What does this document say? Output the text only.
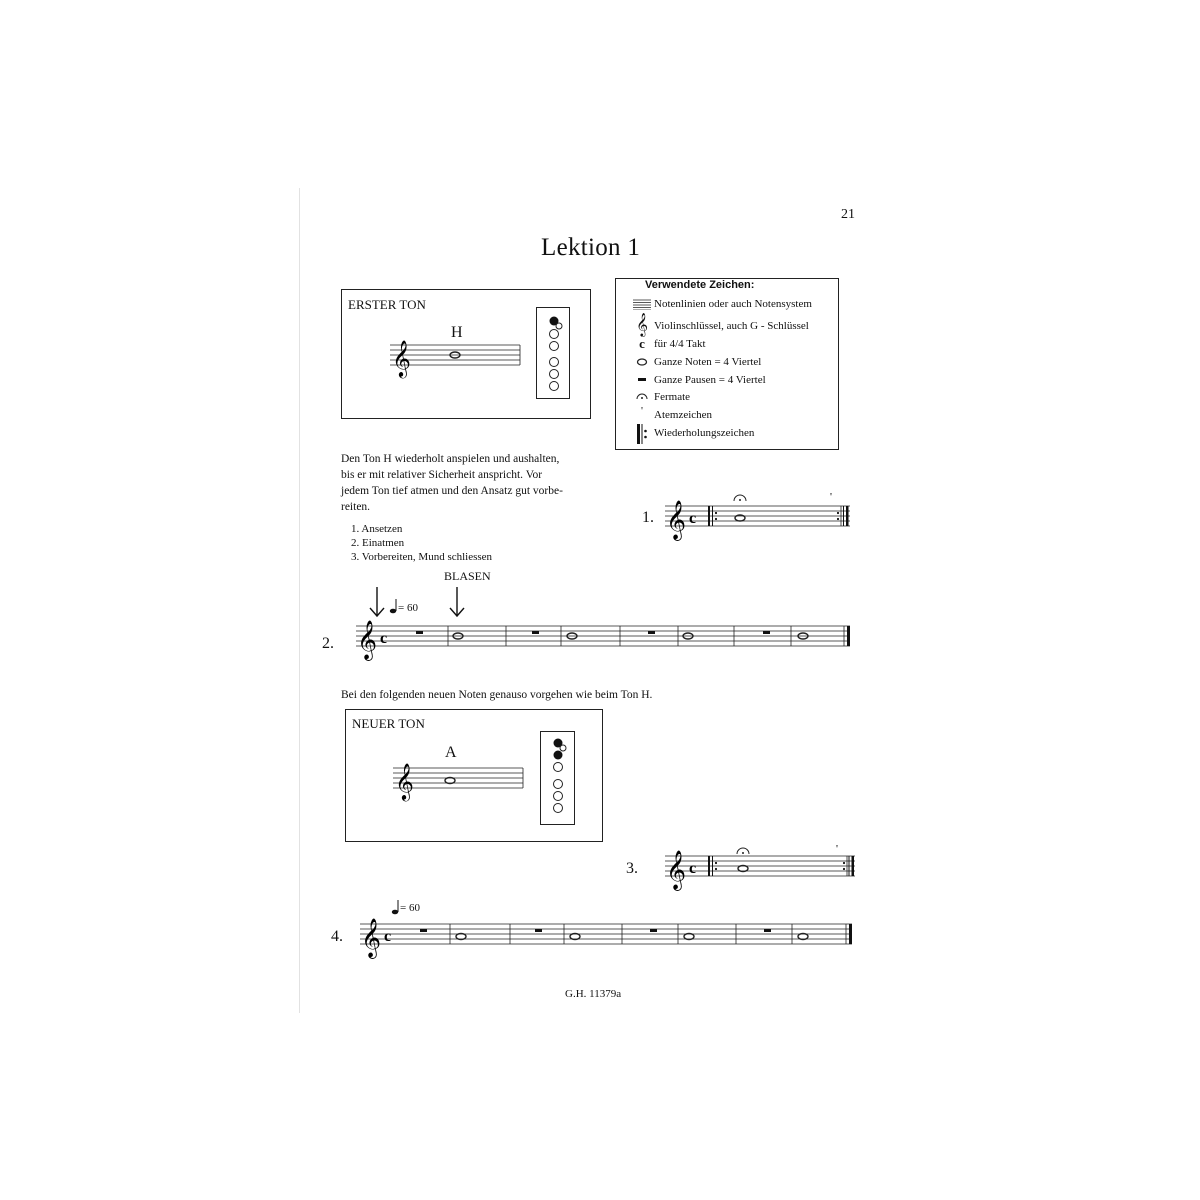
21
Lektion 1
ERSTER TON
H
𝄞
Verwendete Zeichen:
Notenlinien oder auch Notensystem
𝄞 Violinschlüssel, auch G - Schlüssel
c für 4/4 Takt
Ganze Noten = 4 Viertel
Ganze Pausen = 4 Viertel
Fermate
'	Atemzeichen
Wiederholungszeichen
Den Ton H wiederholt anspielen und aushalten,
bis er mit relativer Sicherheit anspricht. Vor
jedem Ton tief atmen und den Ansatz gut vorbe-
reiten.
1. Ansetzen
2. Einatmen
3. Vorbereiten, Mund schliessen
1. 𝄞 c
'
BLASEN
= 60
2. 𝄞 c
Bei den folgenden neuen Noten genauso vorgehen wie beim Ton H.
NEUER TON
A
𝄞
3. 𝄞 c
'
= 60
4. 𝄞 c
G.H. 11379a
